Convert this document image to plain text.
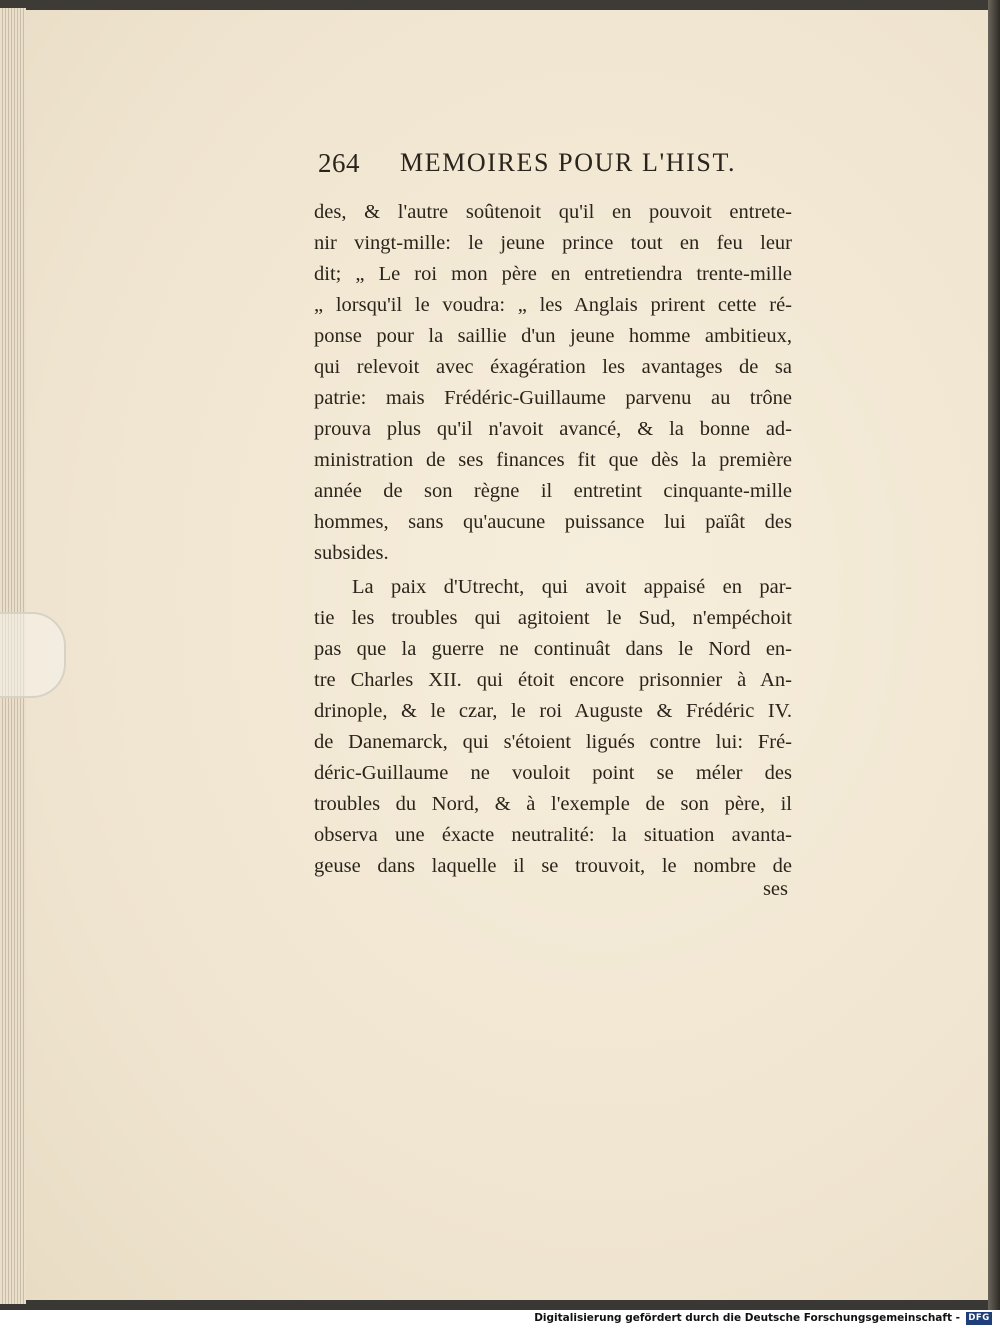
264 MEMOIRES POUR L'HIST.
des, & l'autre soûtenoit qu'il en pouvoit entrete-
nir vingt-mille: le jeune prince tout en feu leur
dit; „ Le roi mon père en entretiendra trente-mille
„ lorsqu'il le voudra: „ les Anglais prirent cette ré-
ponse pour la saillie d'un jeune homme ambitieux,
qui relevoit avec éxagération les avantages de sa
patrie: mais Frédéric-Guillaume parvenu au trône
prouva plus qu'il n'avoit avancé, & la bonne ad-
ministration de ses finances fit que dès la première
année de son règne il entretint cinquante-mille
hommes, sans qu'aucune puissance lui païât des
subsides.
La paix d'Utrecht, qui avoit appaisé en par-
tie les troubles qui agitoient le Sud, n'empéchoit
pas que la guerre ne continuât dans le Nord en-
tre Charles XII. qui étoit encore prisonnier à An-
drinople, & le czar, le roi Auguste & Frédéric IV.
de Danemarck, qui s'étoient ligués contre lui: Fré-
déric-Guillaume ne vouloit point se méler des
troubles du Nord, & à l'exemple de son père, il
observa une éxacte neutralité: la situation avanta-
geuse dans laquelle il se trouvoit, le nombre de
ses
Digitalisierung gefördert durch die Deutsche Forschungsgemeinschaft - DFG
